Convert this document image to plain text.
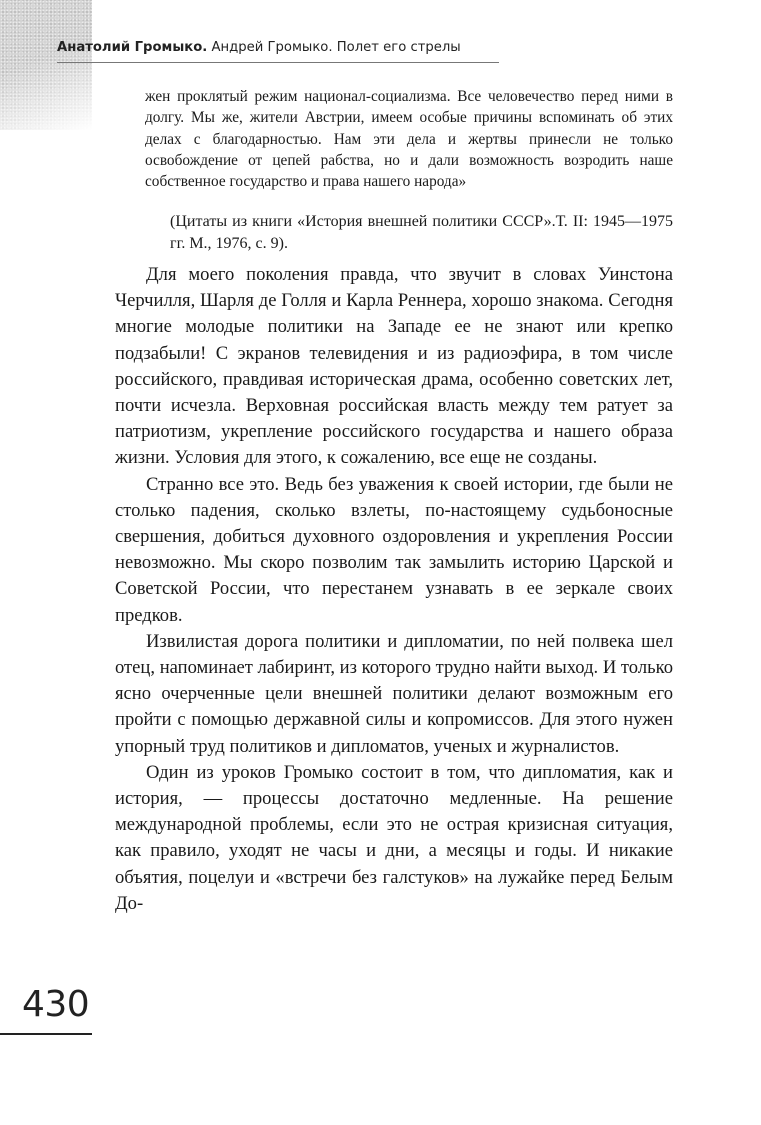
Анатолий Громыко. Андрей Громыко. Полет его стрелы
жен проклятый режим национал-социализма. Все человечество перед ними в долгу. Мы же, жители Австрии, имеем особые причины вспоминать об этих делах с благодарностью. Нам эти дела и жертвы принесли не только освобождение от цепей рабства, но и дали возможность возродить наше собственное государство и права нашего народа»
(Цитаты из книги «История внешней политики СССР».Т. II: 1945—1975 гг. М., 1976, с. 9).

Для моего поколения правда, что звучит в словах Уинстона Черчилля, Шарля де Голля и Карла Реннера, хорошо знакома. Сегодня многие молодые политики на Западе ее не знают или крепко подзабыли! С экранов телевидения и из радиоэфира, в том числе российского, правдивая историческая драма, особенно советских лет, почти исчезла. Верховная российская власть между тем ратует за патриотизм, укрепление российского государства и нашего образа жизни. Условия для этого, к сожалению, все еще не созданы.

Странно все это. Ведь без уважения к своей истории, где были не столько падения, сколько взлеты, по-настоящему судьбоносные свершения, добиться духовного оздоровления и укрепления России невозможно. Мы скоро позволим так замылить историю Царской и Советской России, что перестанем узнавать в ее зеркале своих предков.

Извилистая дорога политики и дипломатии, по ней полвека шел отец, напоминает лабиринт, из которого трудно найти выход. И только ясно очерченные цели внешней политики делают возможным его пройти с помощью державной силы и копромиссов. Для этого нужен упорный труд политиков и дипломатов, ученых и журналистов.

Один из уроков Громыко состоит в том, что дипломатия, как и история, — процессы достаточно медленные. На решение международной проблемы, если это не острая кризисная ситуация, как правило, уходят не часы и дни, а месяцы и годы. И никакие объятия, поцелуи и «встречи без галстуков» на лужайке перед Белым До-

430
